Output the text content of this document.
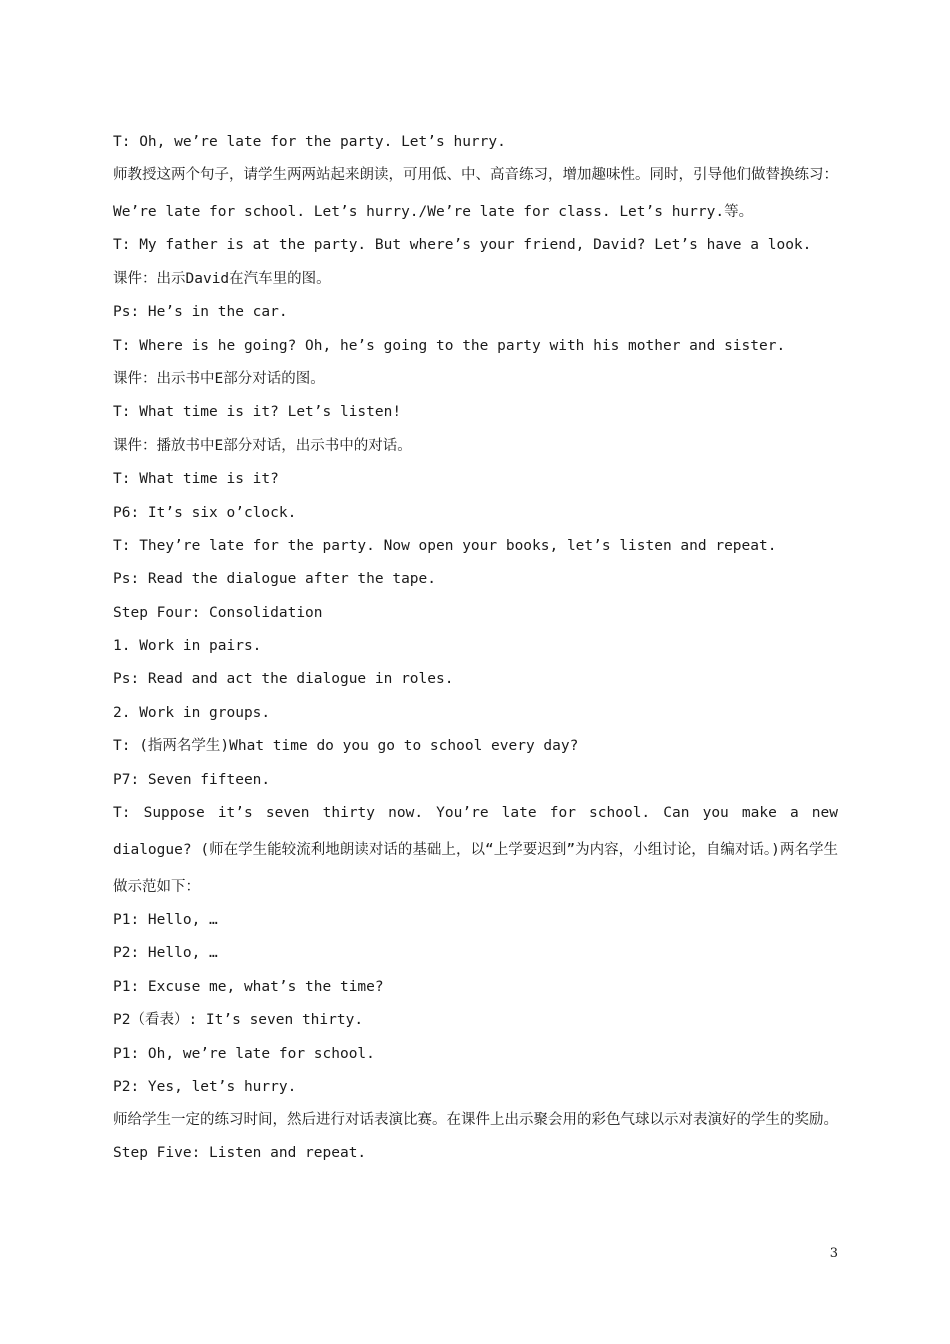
T: Oh, we’re late for the party. Let’s hurry.
师教授这两个句子，请学生两两站起来朗读，可用低、中、高音练习，增加趣味性。同时，引导他们做替换练习： We’re late for school. Let’s hurry./We’re late for class. Let’s hurry.等。
T: My father is at the party. But where’s your friend, David? Let’s have a look.
课件：出示David在汽车里的图。
Ps: He’s in the car.
T: Where is he going? Oh, he’s going to the party with his mother and sister.
课件：出示书中E部分对话的图。
T: What time is it? Let’s listen!
课件：播放书中E部分对话，出示书中的对话。
T: What time is it?
P6: It’s six o’clock.
T: They’re late for the party. Now open your books, let’s listen and repeat.
Ps: Read the dialogue after the tape.
Step Four: Consolidation
1. Work in pairs.
Ps: Read and act the dialogue in roles.
2. Work in groups.
T: (指两名学生)What time do you go to school every day?
P7: Seven fifteen.
T: Suppose it’s seven thirty now. You’re late for school. Can you make a new dialogue? (师在学生能较流利地朗读对话的基础上，以“上学要迟到”为内容，小组讨论，自编对话。)两名学生做示范如下：
P1: Hello, …
P2: Hello, …
P1: Excuse me, what’s the time?
P2（看表）: It’s seven thirty.
P1: Oh, we’re late for school.
P2: Yes, let’s hurry.
师给学生一定的练习时间，然后进行对话表演比赛。在课件上出示聚会用的彩色气球以示对表演好的学生的奖励。
Step Five: Listen and repeat.
3
